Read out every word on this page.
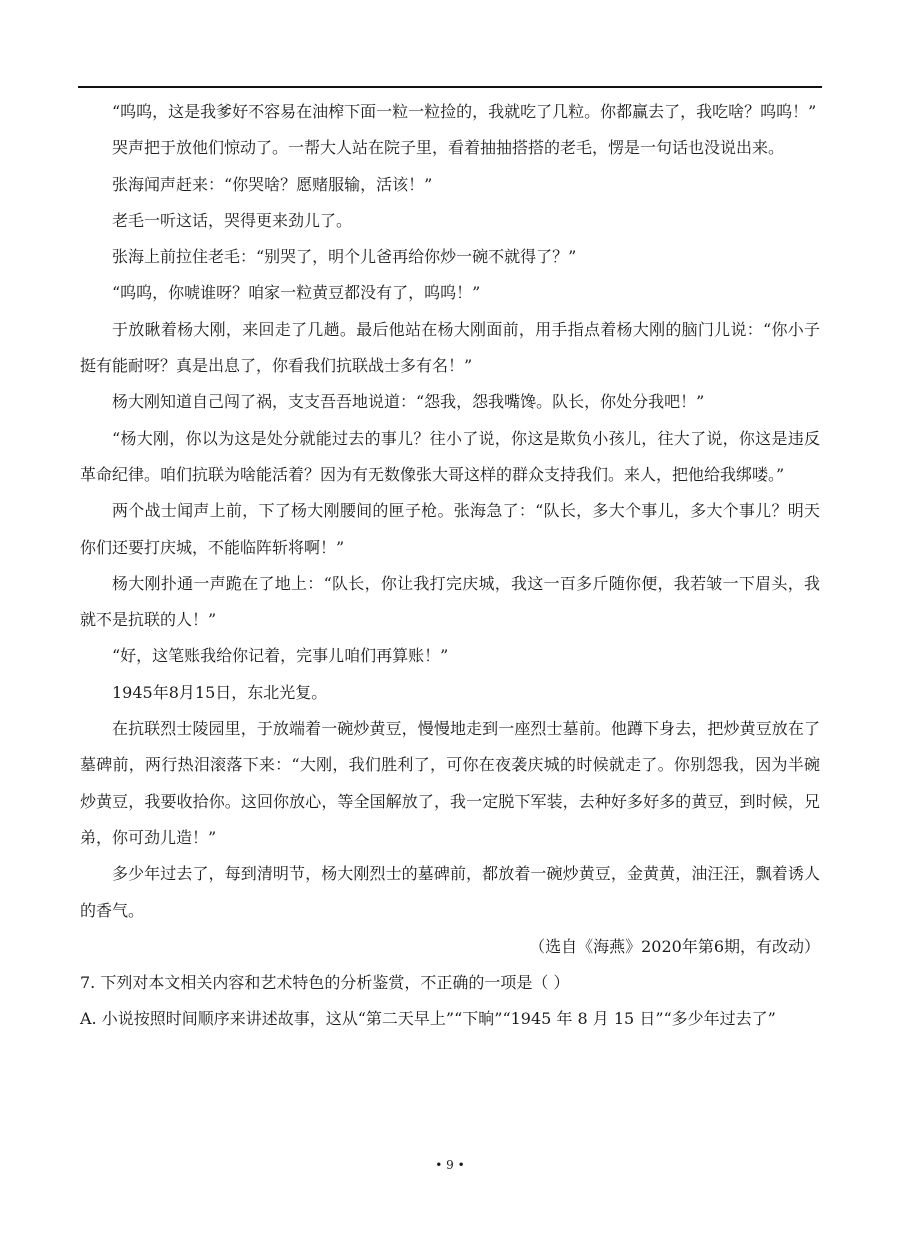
“呜呜，这是我爹好不容易在油榨下面一粒一粒捡的，我就吃了几粒。你都赢去了，我吃啥？呜呜！”

哭声把于放他们惊动了。一帮大人站在院子里，看着抽抽搭搭的老毛，愣是一句话也没说出来。

张海闻声赶来：“你哭啥？愿赌服输，活该！”

老毛一听这话，哭得更来劲儿了。

张海上前拉住老毛：“别哭了，明个儿爸再给你炒一碗不就得了？”

“呜呜，你唬谁呀？咱家一粒黄豆都没有了，呜呜！”

于放瞅着杨大刚，来回走了几趟。最后他站在杨大刚面前，用手指点着杨大刚的脑门儿说：“你小子挺有能耐呀？真是出息了，你看我们抗联战士多有名！”

杨大刚知道自己闯了祸，支支吾吾地说道：“怨我，怨我嘴馋。队长，你处分我吧！”

“杨大刚，你以为这是处分就能过去的事儿？往小了说，你这是欺负小孩儿，往大了说，你这是违反革命纪律。咱们抗联为啥能活着？因为有无数像张大哥这样的群众支持我们。来人，把他给我绑喽。”

两个战士闻声上前，下了杨大刚腰间的匣子枪。张海急了：“队长，多大个事儿，多大个事儿？明天你们还要打庆城，不能临阵斩将啊！”

杨大刚扑通一声跪在了地上：“队长，你让我打完庆城，我这一百多斤随你便，我若皱一下眉头，我就不是抗联的人！”

“好，这笔账我给你记着，完事儿咱们再算账！”

1945年8月15日，东北光复。

在抗联烈士陵园里，于放端着一碗炒黄豆，慢慢地走到一座烈士墓前。他蹲下身去，把炒黄豆放在了墓碑前，两行热泪滚落下来：“大刚，我们胜利了，可你在夜袭庆城的时候就走了。你别怨我，因为半碗炒黄豆，我要收拾你。这回你放心，等全国解放了，我一定脱下军装，去种好多好多的黄豆，到时候，兄弟，你可劲儿造！”

多少年过去了，每到清明节，杨大刚烈士的墓碑前，都放着一碗炒黄豆，金黄黄，油汪汪，飘着诱人的香气。

（选自《海燕》2020年第6期，有改动）

7. 下列对本文相关内容和艺术特色的分析鉴赏，不正确的一项是（ ）

A. 小说按照时间顺序来讲述故事，这从“第二天早上”“下晌”“1945 年 8 月 15 日”“多少年过去了”

• 9 •
